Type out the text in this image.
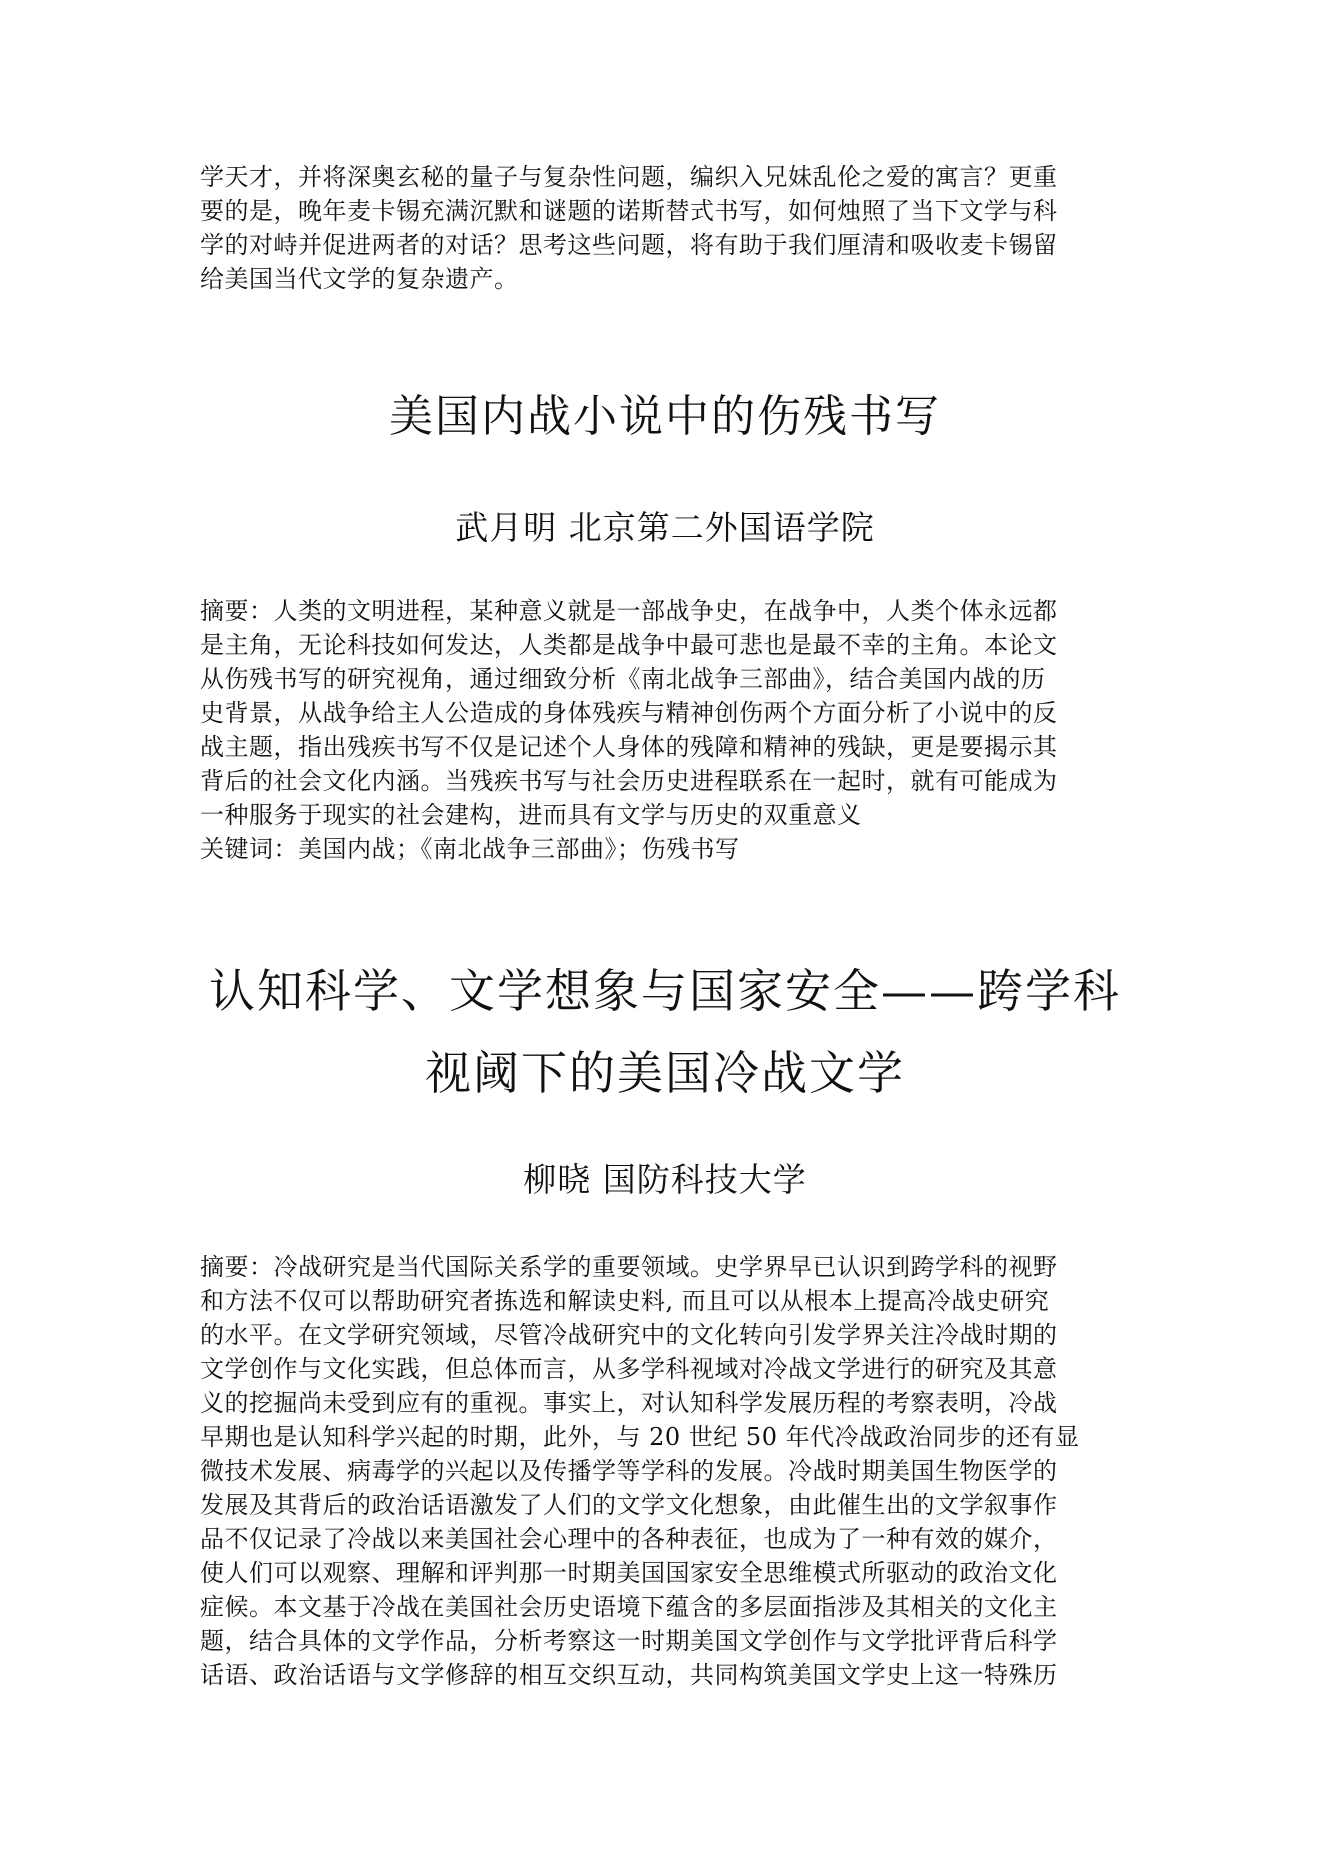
学天才，并将深奥玄秘的量子与复杂性问题，编织入兄妹乱伦之爱的寓言？更重
要的是，晚年麦卡锡充满沉默和谜题的诺斯替式书写，如何烛照了当下文学与科
学的对峙并促进两者的对话？思考这些问题，将有助于我们厘清和吸收麦卡锡留
给美国当代文学的复杂遗产。

美国内战小说中的伤残书写
武月明 北京第二外国语学院

摘要：人类的文明进程，某种意义就是一部战争史，在战争中，人类个体永远都
是主角，无论科技如何发达，人类都是战争中最可悲也是最不幸的主角。本论文
从伤残书写的研究视角，通过细致分析《南北战争三部曲》，结合美国内战的历
史背景，从战争给主人公造成的身体残疾与精神创伤两个方面分析了小说中的反
战主题，指出残疾书写不仅是记述个人身体的残障和精神的残缺，更是要揭示其
背后的社会文化内涵。当残疾书写与社会历史进程联系在一起时，就有可能成为
一种服务于现实的社会建构，进而具有文学与历史的双重意义
关键词：美国内战；《南北战争三部曲》；伤残书写

认知科学、文学想象与国家安全——跨学科
视阈下的美国冷战文学
柳晓 国防科技大学

摘要：冷战研究是当代国际关系学的重要领域。史学界早已认识到跨学科的视野
和方法不仅可以帮助研究者拣选和解读史料, 而且可以从根本上提高冷战史研究
的水平。在文学研究领域，尽管冷战研究中的文化转向引发学界关注冷战时期的
文学创作与文化实践，但总体而言，从多学科视域对冷战文学进行的研究及其意
义的挖掘尚未受到应有的重视。事实上，对认知科学发展历程的考察表明，冷战
早期也是认知科学兴起的时期，此外，与 20 世纪 50 年代冷战政治同步的还有显
微技术发展、病毒学的兴起以及传播学等学科的发展。冷战时期美国生物医学的
发展及其背后的政治话语激发了人们的文学文化想象，由此催生出的文学叙事作
品不仅记录了冷战以来美国社会心理中的各种表征，也成为了一种有效的媒介，
使人们可以观察、理解和评判那一时期美国国家安全思维模式所驱动的政治文化
症候。本文基于冷战在美国社会历史语境下蕴含的多层面指涉及其相关的文化主
题，结合具体的文学作品，分析考察这一时期美国文学创作与文学批评背后科学
话语、政治话语与文学修辞的相互交织互动，共同构筑美国文学史上这一特殊历
